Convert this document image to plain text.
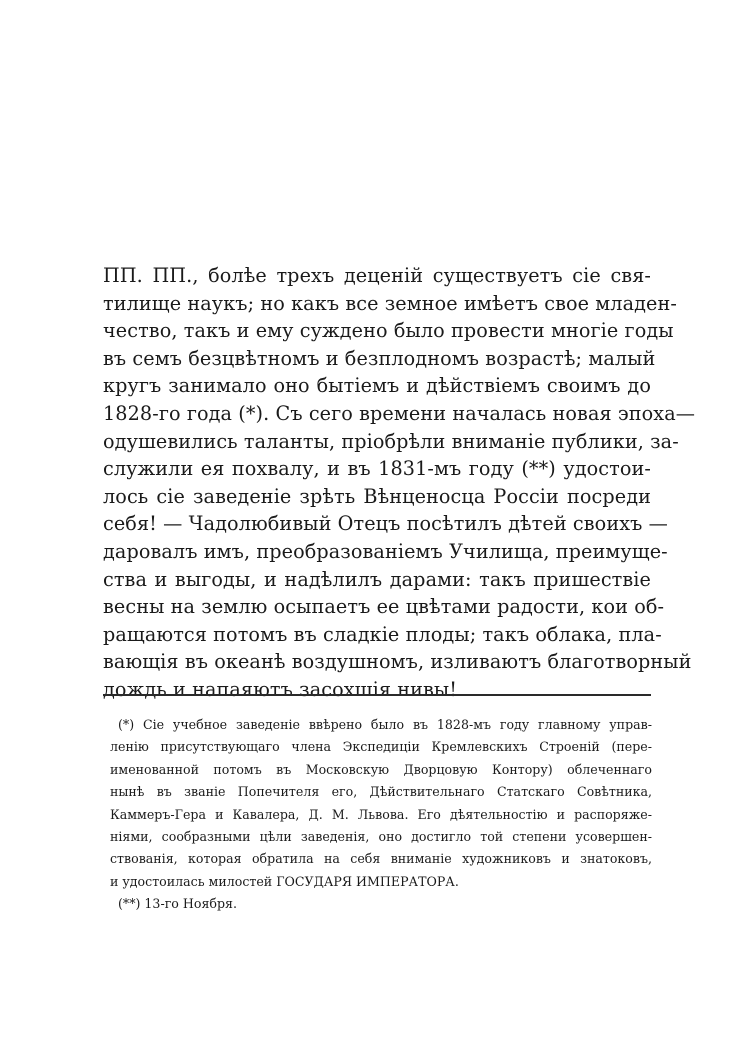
ПП. ПП., болѣе трехъ деценій существуетъ сіе свя-
тилище наукъ; но какъ все земное имѣетъ свое младен-
чество, такъ и ему суждено было провести многіе годы
въ семъ безцвѣтномъ и безплодномъ возрастѣ; малый
кругъ занимало оно бытіемъ и дѣйствіемъ своимъ до
1828-го года (*). Съ сего времени началась новая эпоха—
одушевились таланты, пріобрѣли вниманіе публики, за-
служили ея похвалу, и въ 1831-мъ году (**) удостои-
лось сіе заведеніе зрѣть Вѣнценосца Россіи посреди
себя! — Чадолюбивый Отецъ посѣтилъ дѣтей своихъ —
даровалъ имъ, преобразованіемъ Училища, преимуще-
ства и выгоды, и надѣлилъ дарами: такъ пришествіе
весны на землю осыпаетъ ее цвѣтами радости, кои об-
ращаются потомъ въ сладкіе плоды; такъ облака, пла-
вающія въ океанѣ воздушномъ, изливаютъ благотворный
дождь и напаяютъ засохшія нивы!
(*) Сіе учебное заведеніе ввѣрено было въ 1828-мъ году главному управ-
ленію присутствующаго члена Экспедиціи Кремлевскихъ Строеній (пере-
именованной потомъ въ Московскую Дворцовую Контору) облеченнаго
нынѣ въ званіе Попечителя его, Дѣйствительнаго Статскаго Совѣтника,
Каммеръ-Гера и Кавалера, Д. М. Львова. Его дѣятельностію и распоряже-
ніями, сообразными цѣли заведенія, оно достигло той степени усовершен-
ствованія, которая обратила на себя вниманіе художниковъ и знатоковъ,
и удостоилась милостей ГОСУДАРЯ ИМПЕРАТОРА.
(**) 13-го Ноября.
